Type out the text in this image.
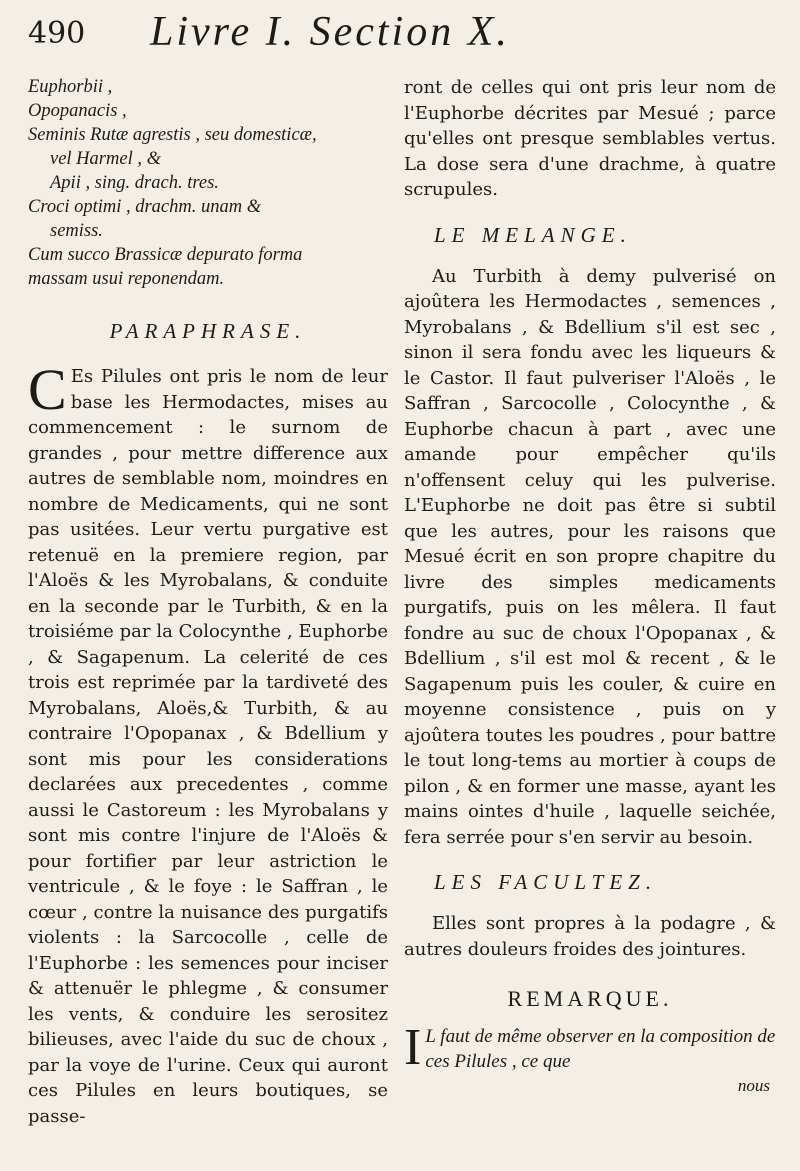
490 Livre I. Section X.
Euphorbii ,
Opopanacis ,
Seminis Rutæ agrestis , seu domesticæ,
vel Harmel , &
Apii , sing. drach. tres.
Croci optimi , drachm. unam &
semiss.
Cum succo Brassicæ depurato forma
massam usui reponendam.
PARAPHRASE.

C Es Pilules ont pris le nom de leur base les Hermodactes, mises au commencement : le surnom de grandes , pour mettre difference aux autres de semblable nom, moindres en nombre de Medicaments, qui ne sont pas usitées. Leur vertu purgative est retenuë en la premiere region, par l'Aloës & les Myrobalans, & conduite en la seconde par le Turbith, & en la troisiéme par la Colocynthe , Euphorbe , & Sagapenum. La celerité de ces trois est reprimée par la tardiveté des Myrobalans, Aloës,& Turbith, & au contraire l'Opopanax , & Bdellium y sont mis pour les considerations declarées aux precedentes , comme aussi le Castoreum : les Myrobalans y sont mis contre l'injure de l'Aloës & pour fortifier par leur astriction le ventricule , & le foye : le Saffran , le cœur , contre la nuisance des purgatifs violents : la Sarcocolle , celle de l'Euphorbe : les semences pour inciser & attenuër le phlegme , & consumer les vents, & conduire les serositez bilieuses, avec l'aide du suc de choux , par la voye de l'urine. Ceux qui auront ces Pilules en leurs boutiques, se passe-

ront de celles qui ont pris leur nom de l'Euphorbe décrites par Mesué ; parce qu'elles ont presque semblables vertus. La dose sera d'une drachme, à quatre scrupules.

LE MELANGE.

Au Turbith à demy pulverisé on ajoûtera les Hermodactes , semences , Myrobalans , & Bdellium s'il est sec , sinon il sera fondu avec les liqueurs & le Castor. Il faut pulveriser l'Aloës , le Saffran , Sarcocolle , Colocynthe , & Euphorbe chacun à part , avec une amande pour empêcher qu'ils n'offensent celuy qui les pulverise. L'Euphorbe ne doit pas être si subtil que les autres, pour les raisons que Mesué écrit en son propre chapitre du livre des simples medicaments purgatifs, puis on les mêlera. Il faut fondre au suc de choux l'Opopanax , & Bdellium , s'il est mol & recent , & le Sagapenum puis les couler, & cuire en moyenne consistence , puis on y ajoûtera toutes les poudres , pour battre le tout long-tems au mortier à coups de pilon , & en former une masse, ayant les mains ointes d'huile , laquelle seichée, fera serrée pour s'en servir au besoin.

LES FACULTEZ.

Elles sont propres à la podagre , & autres douleurs froides des jointures.

REMARQUE.

I L faut de même observer en la composition de ces Pilules , ce que

nous
